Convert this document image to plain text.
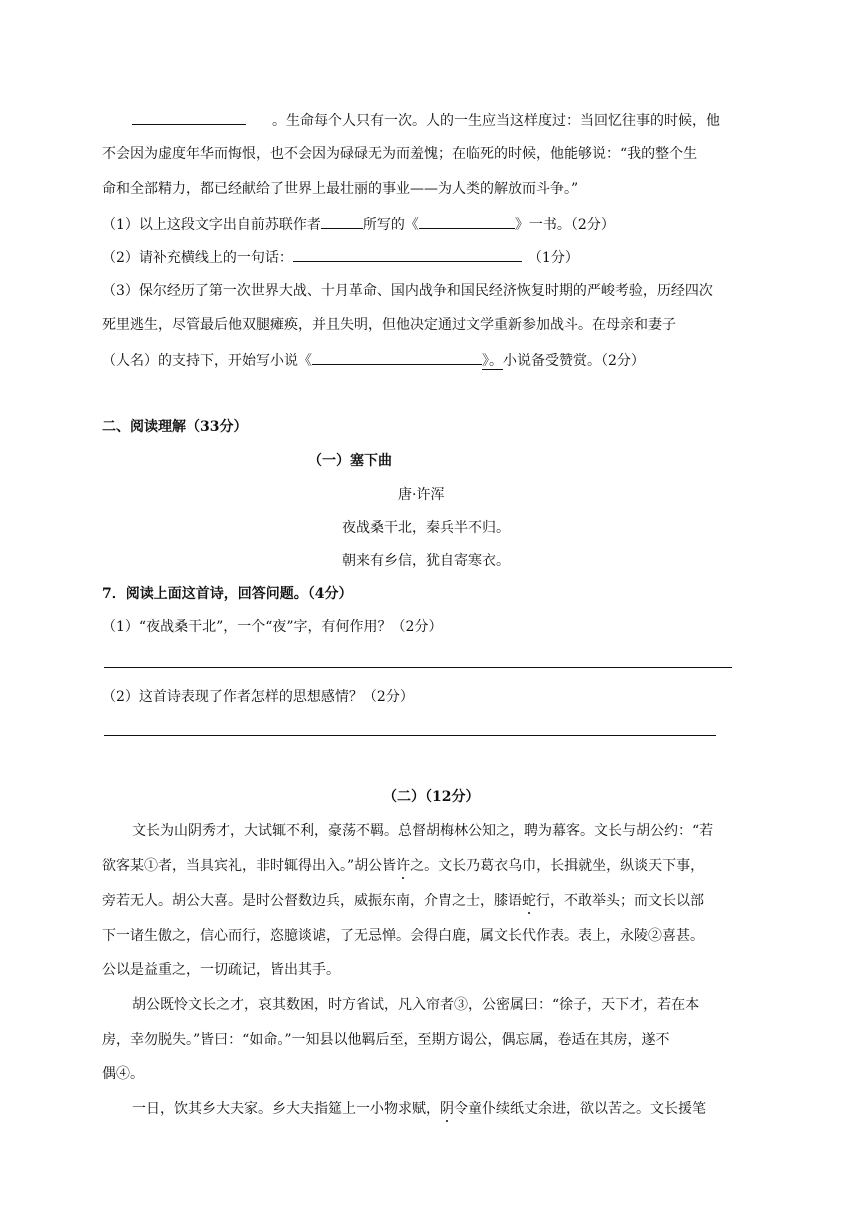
。生命每个人只有一次。人的一生应当这样度过：当回忆往事的时候，他
不会因为虚度年华而悔恨，也不会因为碌碌无为而羞愧；在临死的时候，他能够说：“我的整个生
命和全部精力，都已经献给了世界上最壮丽的事业——为人类的解放而斗争。”
（1）以上这段文字出自前苏联作者	所写的《	》一书。（2分）
（2）请补充横线上的一句话：	（1分）
（3）保尔经历了第一次世界大战、十月革命、国内战争和国民经济恢复时期的严峻考验，历经四次
死里逃生，尽管最后他双腿瘫痪，并且失明，但他决定通过文学重新参加战斗。在母亲和妻子
（人名）的支持下，开始写小说《	》。小说备受赞赏。（2分）
二、阅读理解（33分）
（一）塞下曲
唐·许浑
夜战桑干北，秦兵半不归。
朝来有乡信，犹自寄寒衣。
7．阅读上面这首诗，回答问题。（4分）
（1）“夜战桑干北”，一个“夜”字，有何作用？（2分）
（2）这首诗表现了作者怎样的思想感情？（2分）
（二）（12分）
文长为山阴秀才，大试辄不利，豪荡不羁。总督胡梅林公知之，聘为幕客。文长与胡公约：“若
欲客某①者，当具宾礼，非时辄得出入。”胡公皆许之。文长乃葛衣乌巾，长揖就坐，纵谈天下事，
旁若无人。胡公大喜。是时公督数边兵，威振东南，介胄之士，膝语蛇行，不敢举头；而文长以部
下一诸生傲之，信心而行，恣臆谈谑，了无忌惮。会得白鹿，属文长代作表。表上，永陵②喜甚。
公以是益重之，一切疏记，皆出其手。
胡公既怜文长之才，哀其数困，时方省试，凡入帘者③，公密属曰：“徐子，天下才，若在本
房，幸勿脱失。”皆曰：“如命。”一知县以他羁后至，至期方谒公，偶忘属，卷适在其房，遂不
偶④。
一日，饮其乡大夫家。乡大夫指筵上一小物求赋，阴令童仆续纸丈余进，欲以苦之。文长援笔
